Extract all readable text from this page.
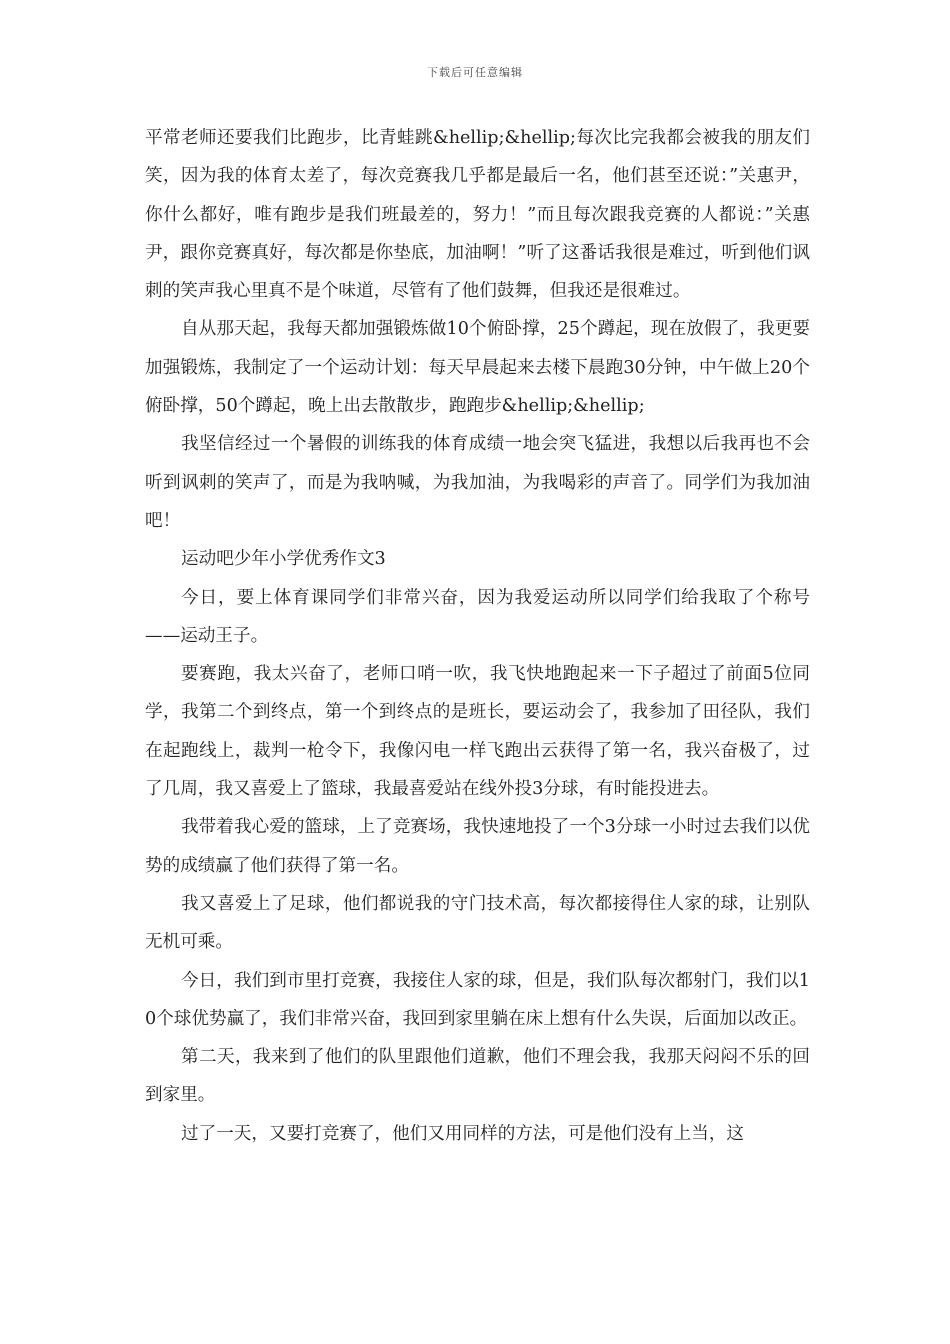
下载后可任意编辑

平常老师还要我们比跑步，比青蛙跳&hellip;&hellip;每次比完我都会被我的朋友们笑，因为我的体育太差了，每次竞赛我几乎都是最后一名，他们甚至还说：”关惠尹，你什么都好，唯有跑步是我们班最差的，努力！”而且每次跟我竞赛的人都说：”关惠尹，跟你竞赛真好，每次都是你垫底，加油啊！”听了这番话我很是难过，听到他们讽刺的笑声我心里真不是个味道，尽管有了他们鼓舞，但我还是很难过。

自从那天起，我每天都加强锻炼做10个俯卧撑，25个蹲起，现在放假了，我更要加强锻炼，我制定了一个运动计划：每天早晨起来去楼下晨跑30分钟，中午做上20个俯卧撑，50个蹲起，晚上出去散散步，跑跑步&hellip;&hellip;

我坚信经过一个暑假的训练我的体育成绩一地会突飞猛进，我想以后我再也不会听到讽刺的笑声了，而是为我呐喊，为我加油，为我喝彩的声音了。同学们为我加油吧！

运动吧少年小学优秀作文3

今日，要上体育课同学们非常兴奋，因为我爱运动所以同学们给我取了个称号——运动王子。

要赛跑，我太兴奋了，老师口哨一吹，我飞快地跑起来一下子超过了前面5位同学，我第二个到终点，第一个到终点的是班长，要运动会了，我参加了田径队，我们在起跑线上，裁判一枪令下，我像闪电一样飞跑出云获得了第一名，我兴奋极了，过了几周，我又喜爱上了篮球，我最喜爱站在线外投3分球，有时能投进去。

我带着我心爱的篮球，上了竞赛场，我快速地投了一个3分球一小时过去我们以优势的成绩赢了他们获得了第一名。

我又喜爱上了足球，他们都说我的守门技术高，每次都接得住人家的球，让别队无机可乘。

今日，我们到市里打竞赛，我接住人家的球，但是，我们队每次都射门，我们以10个球优势赢了，我们非常兴奋，我回到家里躺在床上想有什么失误，后面加以改正。

第二天，我来到了他们的队里跟他们道歉，他们不理会我，我那天闷闷不乐的回到家里。

过了一天，又要打竞赛了，他们又用同样的方法，可是他们没有上当，这
